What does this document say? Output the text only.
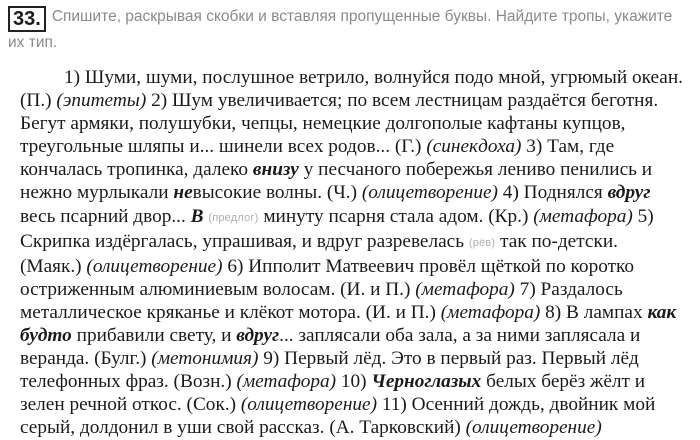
33. Спишите, раскрывая скобки и вставляя пропущенные буквы. Найдите тропы, укажите
их тип.
1) Шуми, шуми, послушное ветрило, волнуйся подо мной, угрюмый океан.
(П.) (эпитеты) 2) Шум увеличивается; по всем лестницам раздаётся беготня.
Бегут армяки, полушубки, чепцы, немецкие долгополые кафтаны купцов,
треугольные шляпы и... шинели всех родов... (Г.) (синекдоха) 3) Там, где
кончалась тропинка, далеко внизу у песчаного побережья лениво пенились и
нежно мурлыкали невысокие волны. (Ч.) (олицетворение) 4) Поднялся вдруг
весь псарний двор... В (предлог) минуту псарня стала адом. (Кр.) (метафора) 5)
Скрипка издёргалась, упрашивая, и вдруг разревелась (рёв) так по-детски.
(Маяк.) (олицетворение) 6) Ипполит Матвеевич провёл щёткой по коротко
остриженным алюминиевым волосам. (И. и П.) (метафора) 7) Раздалось
металлическое кряканье и клёкот мотора. (И. и П.) (метафора) 8) В лампах как
будто прибавили свету, и вдруг... заплясали оба зала, а за ними заплясала и
веранда. (Булг.) (метонимия) 9) Первый лёд. Это в первый раз. Первый лёд
телефонных фраз. (Возн.) (метафора) 10) Черноглазых белых берёз жёлт и
зелен речной откос. (Сок.) (олицетворение) 11) Осенний дождь, двойник мой
серый, долдонил в уши свой рассказ. (А. Тарковский) (олицетворение)
